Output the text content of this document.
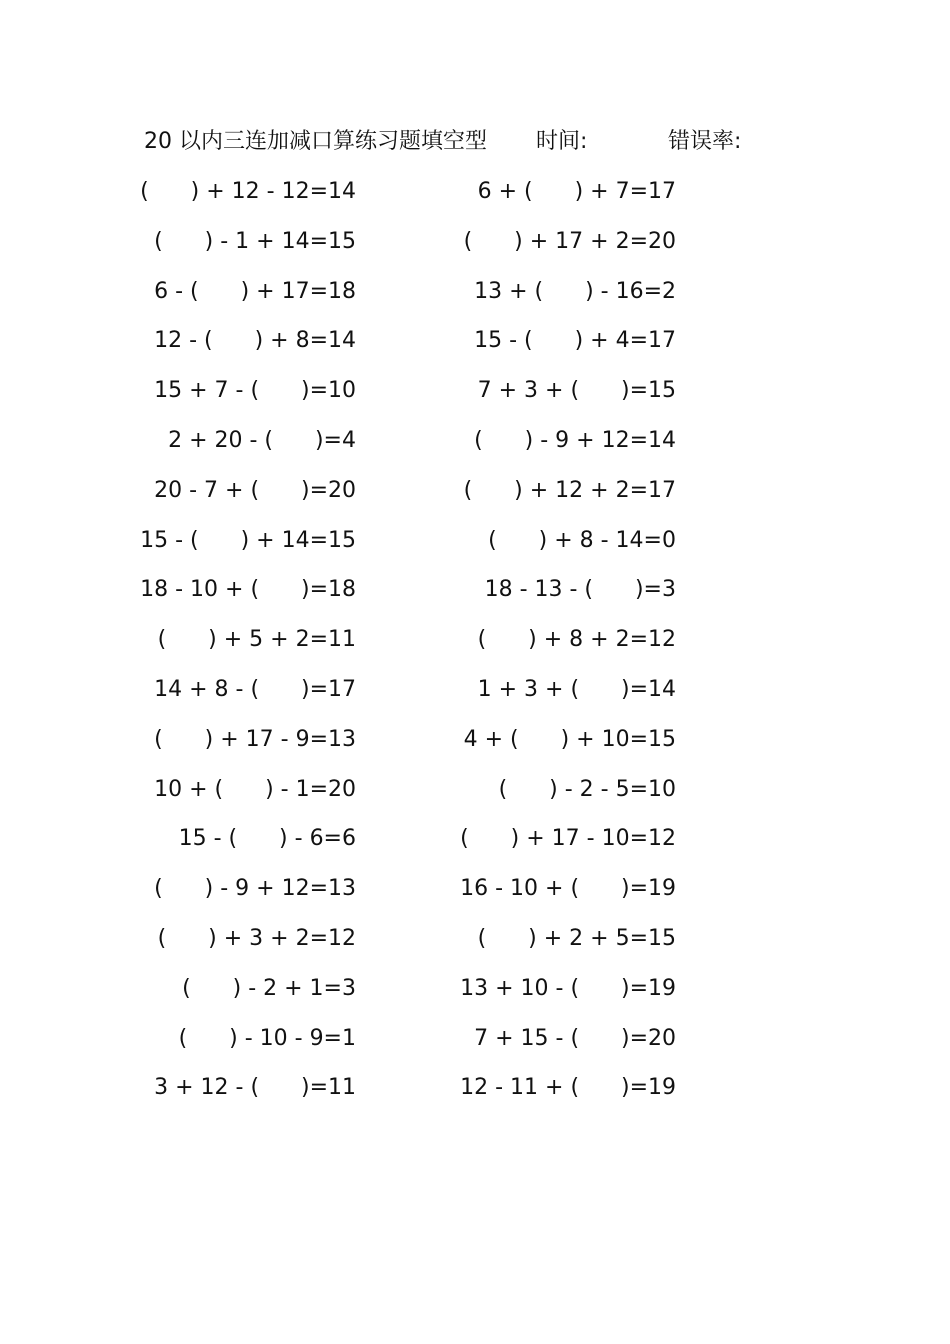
20 以内三连加减口算练习题填空型 时间:	错误率:
(      ) + 12 - 12=14	6 + (      ) + 7=17
(      ) - 1 + 14=15	(      ) + 17 + 2=20
6 - (      ) + 17=18	13 + (      ) - 16=2
12 - (      ) + 8=14	15 - (      ) + 4=17
15 + 7 - (      )=10	7 + 3 + (      )=15
2 + 20 - (      )=4	(      ) - 9 + 12=14
20 - 7 + (      )=20	(      ) + 12 + 2=17
15 - (      ) + 14=15	(      ) + 8 - 14=0
18 - 10 + (      )=18	18 - 13 - (      )=3
(      ) + 5 + 2=11	(      ) + 8 + 2=12
14 + 8 - (      )=17	1 + 3 + (      )=14
(      ) + 17 - 9=13	4 + (      ) + 10=15
10 + (      ) - 1=20	(      ) - 2 - 5=10
15 - (      ) - 6=6	(      ) + 17 - 10=12
(      ) - 9 + 12=13	16 - 10 + (      )=19
(      ) + 3 + 2=12	(      ) + 2 + 5=15
(      ) - 2 + 1=3	13 + 10 - (      )=19
(      ) - 10 - 9=1	7 + 15 - (      )=20
3 + 12 - (      )=11	12 - 11 + (      )=19
